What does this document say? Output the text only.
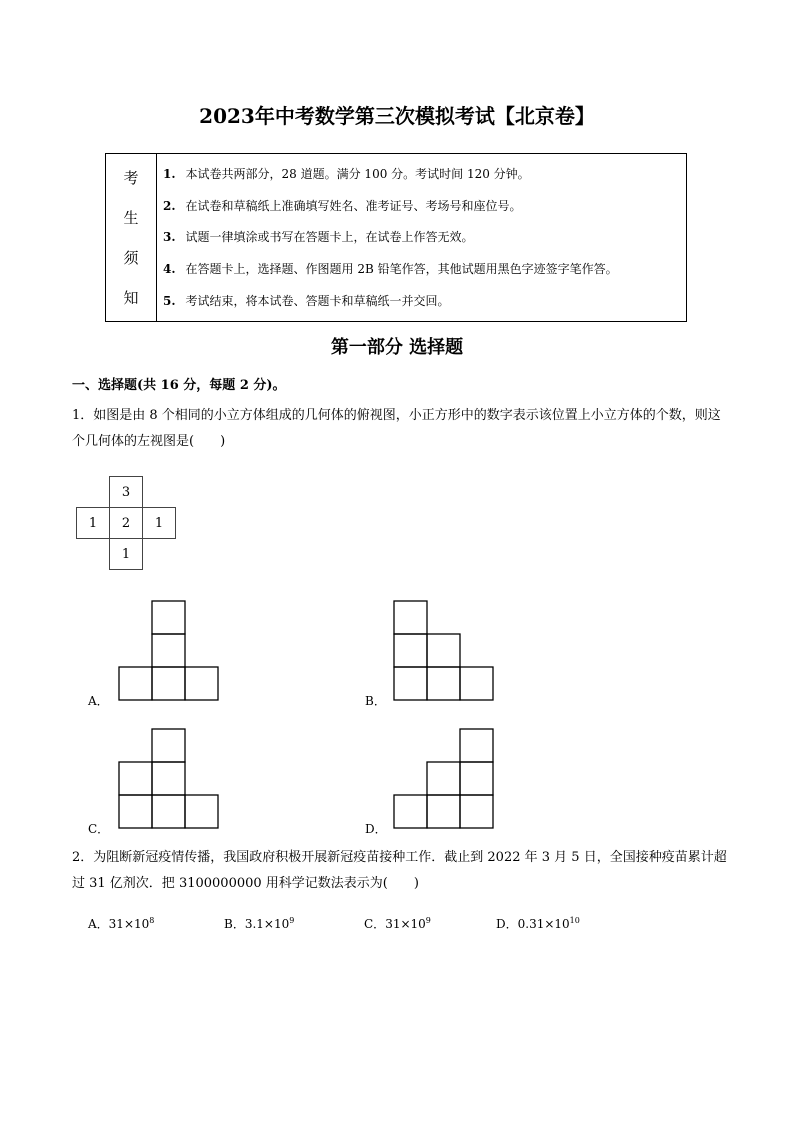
2023年中考数学第三次模拟考试【北京卷】
考
生
须
知
1. 本试卷共两部分，28 道题。满分 100 分。考试时间 120 分钟。
2. 在试卷和草稿纸上准确填写姓名、准考证号、考场号和座位号。
3. 试题一律填涂或书写在答题卡上，在试卷上作答无效。
4. 在答题卡上，选择题、作图题用 2B 铅笔作答，其他试题用黑色字迹签字笔作答。
5. 考试结束，将本试卷、答题卡和草稿纸一并交回。
第一部分 选择题
一、选择题(共 16 分，每题 2 分)。
1．如图是由 8 个相同的小立方体组成的几何体的俯视图，小正方形中的数字表示该位置上小立方体的个数，则这个几何体的左视图是(　　)
3
1	2	1
1
A．	B．
C．	D．
2．为阻断新冠疫情传播，我国政府积极开展新冠疫苗接种工作．截止到 2022 年 3 月 5 日，全国接种疫苗累计超过 31 亿剂次．把 3100000000 用科学记数法表示为(　　)
A．$31\times 10^8$	B．$3.1\times 10^9$	C．$31\times 10^9$	D．$0.31\times 10^{10}$
